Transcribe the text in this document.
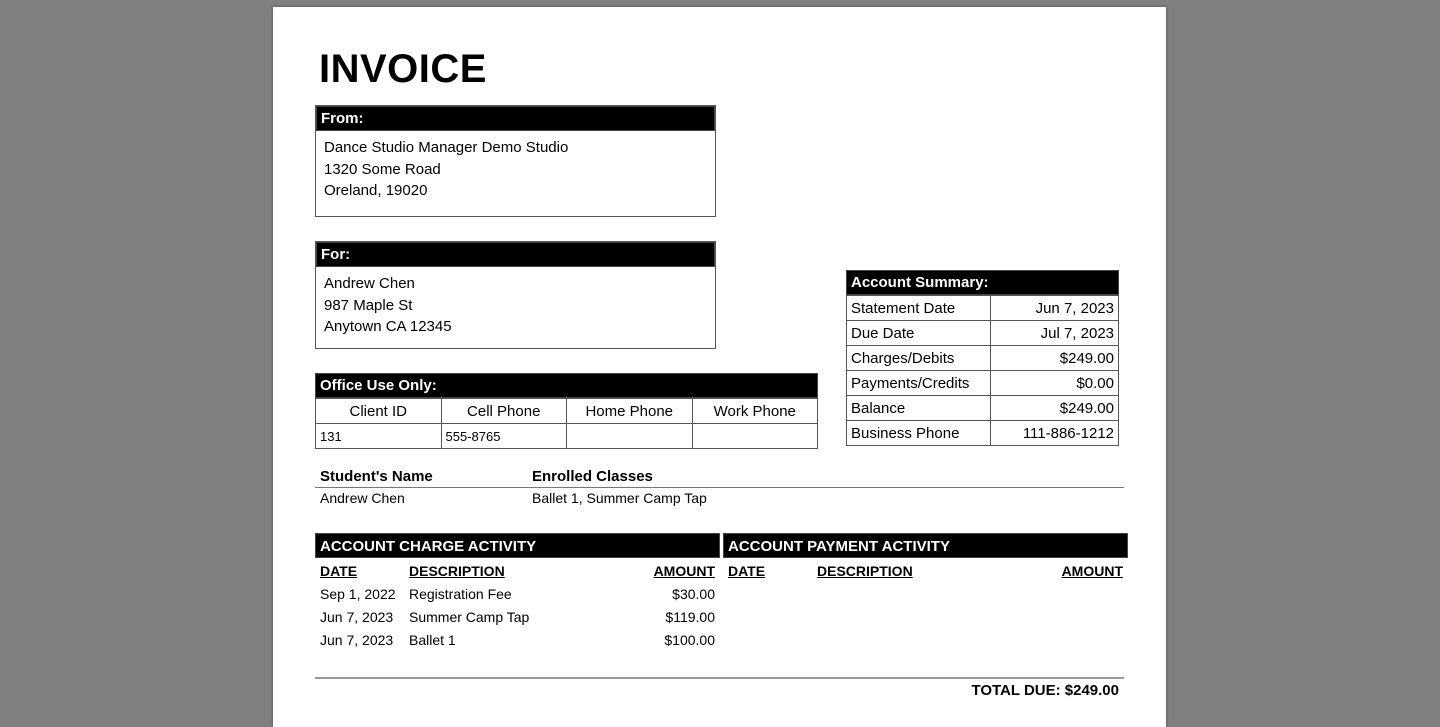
INVOICE
From:
Dance Studio Manager Demo Studio
1320 Some Road
Oreland, 19020
For:
Andrew Chen
987 Maple St
Anytown CA 12345
Office Use Only:
Client ID	Cell Phone	Home Phone	Work Phone
131	555-8765		
Account Summary:
Statement Date	Jun 7, 2023
Due Date	Jul 7, 2023
Charges/Debits	$249.00
Payments/Credits	$0.00
Balance	$249.00
Business Phone	111-886-1212
Student's Name	Enrolled Classes
Andrew Chen	Ballet 1, Summer Camp Tap
ACCOUNT CHARGE ACTIVITY
DATE	DESCRIPTION	AMOUNT
Sep 1, 2022 Registration Fee	$30.00
Jun 7, 2023 Summer Camp Tap	$119.00
Jun 7, 2023 Ballet 1	$100.00
ACCOUNT PAYMENT ACTIVITY
DATE	DESCRIPTION	AMOUNT
TOTAL DUE: $249.00
